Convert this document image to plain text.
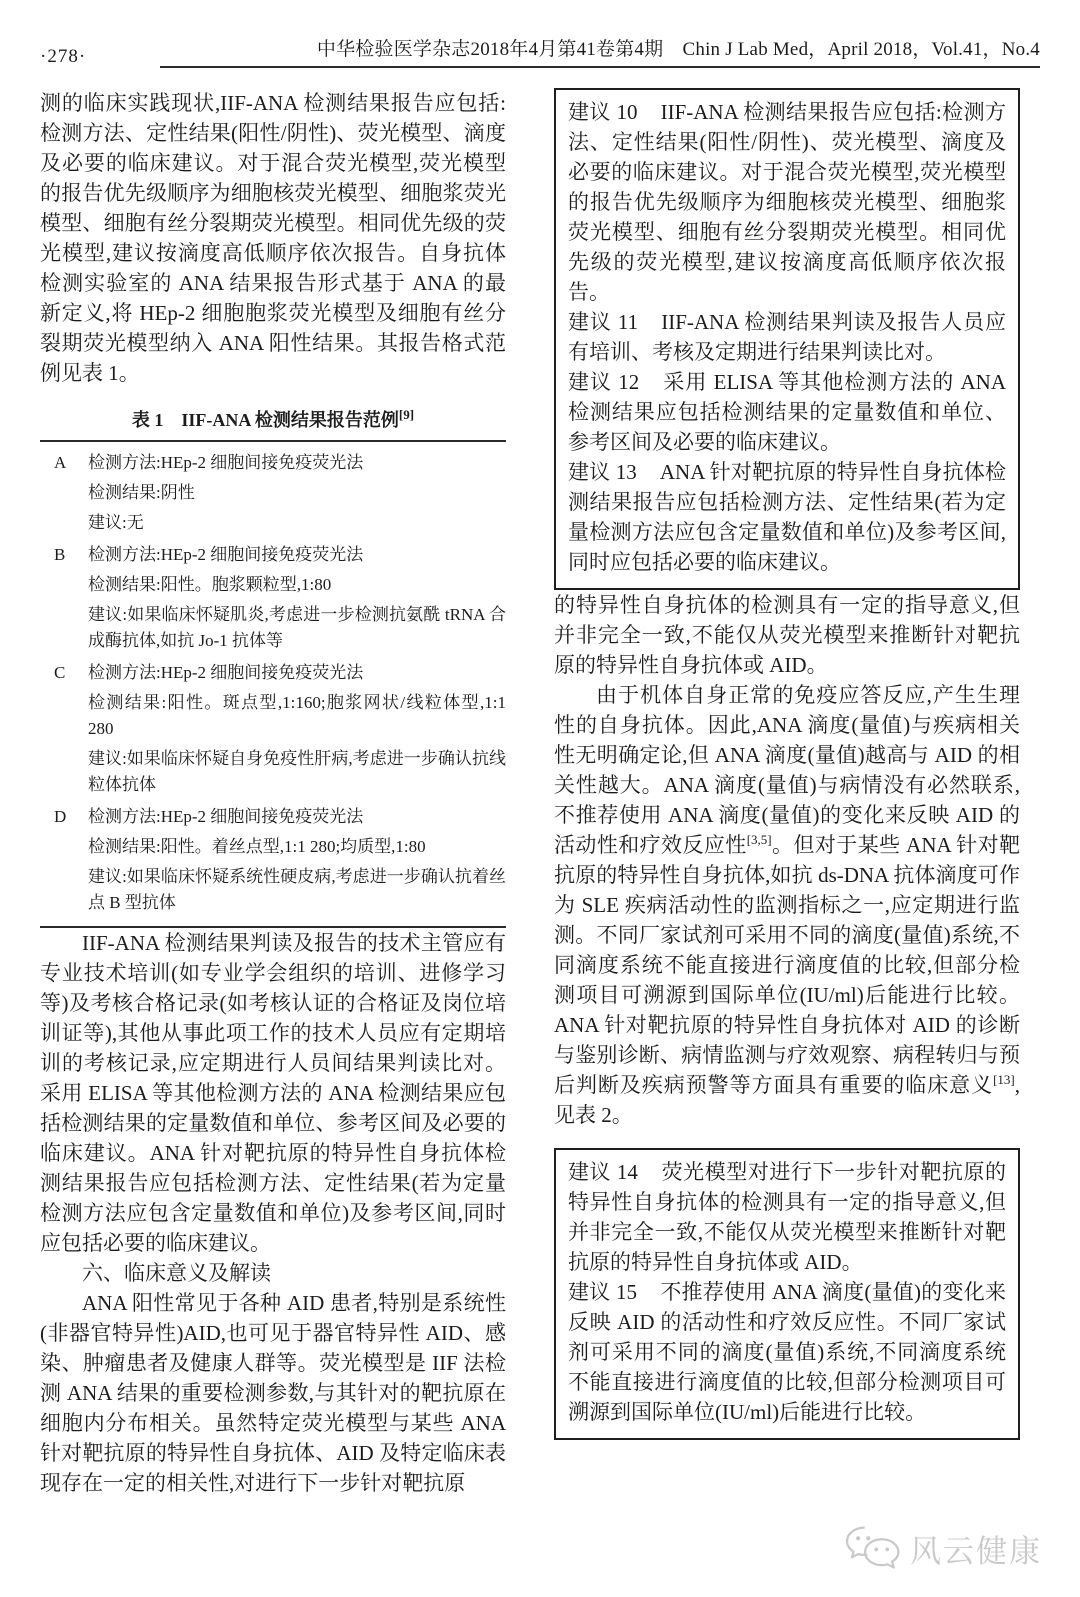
·278·	中华检验医学杂志2018年4月第41卷第4期　Chin J Lab Med，April 2018，Vol.41，No.4

测的临床实践现状,IIF-ANA 检测结果报告应包括:检测方法、定性结果(阳性/阴性)、荧光模型、滴度及必要的临床建议。对于混合荧光模型,荧光模型的报告优先级顺序为细胞核荧光模型、细胞浆荧光模型、细胞有丝分裂期荧光模型。相同优先级的荧光模型,建议按滴度高低顺序依次报告。自身抗体检测实验室的 ANA 结果报告形式基于 ANA 的最新定义,将 HEp-2 细胞胞浆荧光模型及细胞有丝分裂期荧光模型纳入 ANA 阳性结果。其报告格式范例见表 1。

表 1　IIF-ANA 检测结果报告范例[9]
A	检测方法:HEp-2 细胞间接免疫荧光法
检测结果:阴性
建议:无
B	检测方法:HEp-2 细胞间接免疫荧光法
检测结果:阳性。胞浆颗粒型,1:80
建议:如果临床怀疑肌炎,考虑进一步检测抗氨酰 tRNA 合成酶抗体,如抗 Jo-1 抗体等
C	检测方法:HEp-2 细胞间接免疫荧光法
检测结果:阳性。斑点型,1:160;胞浆网状/线粒体型,1:1 280
建议:如果临床怀疑自身免疫性肝病,考虑进一步确认抗线粒体抗体
D	检测方法:HEp-2 细胞间接免疫荧光法
检测结果:阳性。着丝点型,1:1 280;均质型,1:80
建议:如果临床怀疑系统性硬皮病,考虑进一步确认抗着丝点 B 型抗体

IIF-ANA 检测结果判读及报告的技术主管应有专业技术培训(如专业学会组织的培训、进修学习等)及考核合格记录(如考核认证的合格证及岗位培训证等),其他从事此项工作的技术人员应有定期培训的考核记录,应定期进行人员间结果判读比对。采用 ELISA 等其他检测方法的 ANA 检测结果应包括检测结果的定量数值和单位、参考区间及必要的临床建议。ANA 针对靶抗原的特异性自身抗体检测结果报告应包括检测方法、定性结果(若为定量检测方法应包含定量数值和单位)及参考区间,同时应包括必要的临床建议。

六、临床意义及解读

ANA 阳性常见于各种 AID 患者,特别是系统性(非器官特异性)AID,也可见于器官特异性 AID、感染、肿瘤患者及健康人群等。荧光模型是 IIF 法检测 ANA 结果的重要检测参数,与其针对的靶抗原在细胞内分布相关。虽然特定荧光模型与某些 ANA 针对靶抗原的特异性自身抗体、AID 及特定临床表现存在一定的相关性,对进行下一步针对靶抗原

建议 10 IIF-ANA 检测结果报告应包括:检测方法、定性结果(阳性/阴性)、荧光模型、滴度及必要的临床建议。对于混合荧光模型,荧光模型的报告优先级顺序为细胞核荧光模型、细胞浆荧光模型、细胞有丝分裂期荧光模型。相同优先级的荧光模型,建议按滴度高低顺序依次报告。

建议 11 IIF-ANA 检测结果判读及报告人员应有培训、考核及定期进行结果判读比对。

建议 12 采用 ELISA 等其他检测方法的 ANA 检测结果应包括检测结果的定量数值和单位、参考区间及必要的临床建议。

建议 13 ANA 针对靶抗原的特异性自身抗体检测结果报告应包括检测方法、定性结果(若为定量检测方法应包含定量数值和单位)及参考区间,同时应包括必要的临床建议。

的特异性自身抗体的检测具有一定的指导意义,但并非完全一致,不能仅从荧光模型来推断针对靶抗原的特异性自身抗体或 AID。

由于机体自身正常的免疫应答反应,产生生理性的自身抗体。因此,ANA 滴度(量值)与疾病相关性无明确定论,但 ANA 滴度(量值)越高与 AID 的相关性越大。ANA 滴度(量值)与病情没有必然联系,不推荐使用 ANA 滴度(量值)的变化来反映 AID 的活动性和疗效反应性[3,5]。但对于某些 ANA 针对靶抗原的特异性自身抗体,如抗 ds-DNA 抗体滴度可作为 SLE 疾病活动性的监测指标之一,应定期进行监测。不同厂家试剂可采用不同的滴度(量值)系统,不同滴度系统不能直接进行滴度值的比较,但部分检测项目可溯源到国际单位(IU/ml)后能进行比较。ANA 针对靶抗原的特异性自身抗体对 AID 的诊断与鉴别诊断、病情监测与疗效观察、病程转归与预后判断及疾病预警等方面具有重要的临床意义[13],见表 2。

建议 14 荧光模型对进行下一步针对靶抗原的特异性自身抗体的检测具有一定的指导意义,但并非完全一致,不能仅从荧光模型来推断针对靶抗原的特异性自身抗体或 AID。

建议 15 不推荐使用 ANA 滴度(量值)的变化来反映 AID 的活动性和疗效反应性。不同厂家试剂可采用不同的滴度(量值)系统,不同滴度系统不能直接进行滴度值的比较,但部分检测项目可溯源到国际单位(IU/ml)后能进行比较。

风云健康
